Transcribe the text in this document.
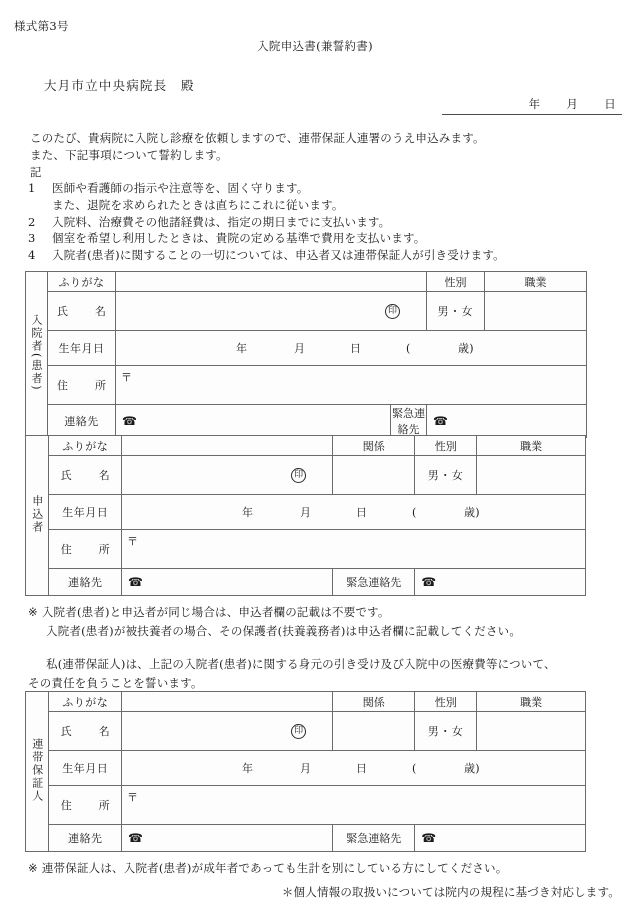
様式第3号
入院申込書(兼誓約書)
大月市立中央病院長　殿
年 月 日
このたび、貴病院に入院し診療を依頼しますので、連帯保証人連署のうえ申込みます。
また、下記事項について誓約します。
記
1 医師や看護師の指示や注意等を、固く守ります。
また、退院を求められたときは直ちにこれに従います。
2 入院料、治療費その他諸経費は、指定の期日までに支払います。
3 個室を希望し利用したときは、貴院の定める基準で費用を支払います。
4 入院者(患者)に関することの一切については、申込者又は連帯保証人が引き受けます。
入院者(患者)	ふりがな			性別	職業
	氏　名	印		男・女	
	生年月日	年 月 日 ( 歳)			

	住　所	〒			

	連絡先	☎	緊急連絡先	☎	
申込者	ふりがな		関係	性別	職業
	氏　名	印		男・女	
	生年月日	年 月 日 ( 歳)			

	住　所	〒			

	連絡先	☎	緊急連絡先	☎	
※ 入院者(患者)と申込者が同じ場合は、申込者欄の記載は不要です。
入院者(患者)が被扶養者の場合、その保護者(扶養義務者)は申込者欄に記載してください。
私(連帯保証人)は、上記の入院者(患者)に関する身元の引き受け及び入院中の医療費等について、
その責任を負うことを誓います。
連帯保証人	ふりがな		関係	性別	職業
	氏　名	印		男・女	
	生年月日	年 月 日 ( 歳)			

	住　所	〒			

	連絡先	☎	緊急連絡先	☎	
※ 連帯保証人は、入院者(患者)が成年者であっても生計を別にしている方にしてください。
＊個人情報の取扱いについては院内の規程に基づき対応します。
